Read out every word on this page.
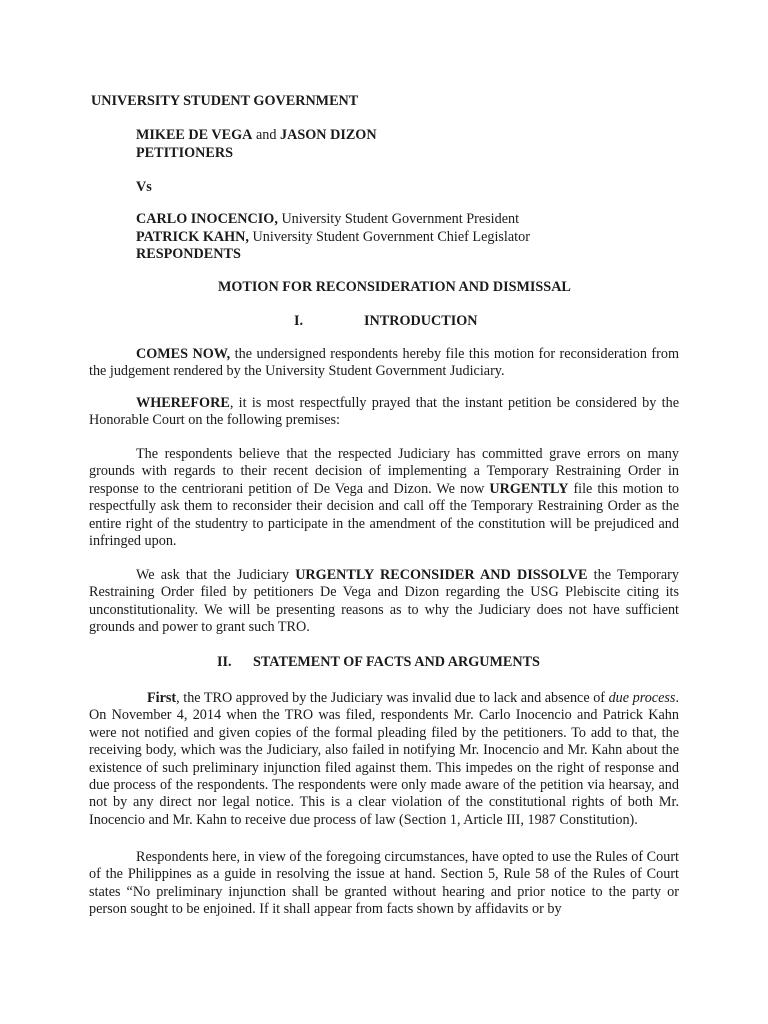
UNIVERSITY STUDENT GOVERNMENT
MIKEE DE VEGA and JASON DIZON
PETITIONERS
Vs
CARLO INOCENCIO, University Student Government President
PATRICK KAHN, University Student Government Chief Legislator
RESPONDENTS
MOTION FOR RECONSIDERATION AND DISMISSAL
I.	INTRODUCTION
COMES NOW, the undersigned respondents hereby file this motion for reconsideration from the judgement rendered by the University Student Government Judiciary.
WHEREFORE, it is most respectfully prayed that the instant petition be considered by the Honorable Court on the following premises:
The respondents believe that the respected Judiciary has committed grave errors on many grounds with regards to their recent decision of implementing a Temporary Restraining Order in response to the centriorani petition of De Vega and Dizon. We now URGENTLY file this motion to respectfully ask them to reconsider their decision and call off the Temporary Restraining Order as the entire right of the studentry to participate in the amendment of the constitution will be prejudiced and infringed upon.
We ask that the Judiciary URGENTLY RECONSIDER AND DISSOLVE the Temporary Restraining Order filed by petitioners De Vega and Dizon regarding the USG Plebiscite citing its unconstitutionality. We will be presenting reasons as to why the Judiciary does not have sufficient grounds and power to grant such TRO.
II. STATEMENT OF FACTS AND ARGUMENTS
First, the TRO approved by the Judiciary was invalid due to lack and absence of due process. On November 4, 2014 when the TRO was filed, respondents Mr. Carlo Inocencio and Patrick Kahn were not notified and given copies of the formal pleading filed by the petitioners. To add to that, the receiving body, which was the Judiciary, also failed in notifying Mr. Inocencio and Mr. Kahn about the existence of such preliminary injunction filed against them. This impedes on the right of response and due process of the respondents. The respondents were only made aware of the petition via hearsay, and not by any direct nor legal notice. This is a clear violation of the constitutional rights of both Mr. Inocencio and Mr. Kahn to receive due process of law (Section 1, Article III, 1987 Constitution).
Respondents here, in view of the foregoing circumstances, have opted to use the Rules of Court of the Philippines as a guide in resolving the issue at hand. Section 5, Rule 58 of the Rules of Court states “No preliminary injunction shall be granted without hearing and prior notice to the party or person sought to be enjoined. If it shall appear from facts shown by affidavits or by
